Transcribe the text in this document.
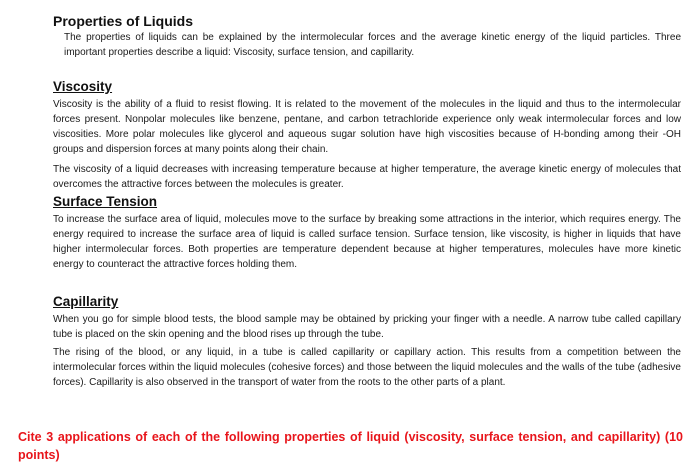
Properties of Liquids

The properties of liquids can be explained by the intermolecular forces and the average kinetic energy of the liquid particles. Three important properties describe a liquid: Viscosity, surface tension, and capillarity.

Viscosity

Viscosity is the ability of a fluid to resist flowing. It is related to the movement of the molecules in the liquid and thus to the intermolecular forces present. Nonpolar molecules like benzene, pentane, and carbon tetrachloride experience only weak intermolecular forces and low viscosities. More polar molecules like glycerol and aqueous sugar solution have high viscosities because of H-bonding among their -OH groups and dispersion forces at many points along their chain.

The viscosity of a liquid decreases with increasing temperature because at higher temperature, the average kinetic energy of molecules that overcomes the attractive forces between the molecules is greater.

Surface Tension

To increase the surface area of liquid, molecules move to the surface by breaking some attractions in the interior, which requires energy. The energy required to increase the surface area of liquid is called surface tension. Surface tension, like viscosity, is higher in liquids that have higher intermolecular forces. Both properties are temperature dependent because at higher temperatures, molecules have more kinetic energy to counteract the attractive forces holding them.

Capillarity

When you go for simple blood tests, the blood sample may be obtained by pricking your finger with a needle. A narrow tube called capillary tube is placed on the skin opening and the blood rises up through the tube.

The rising of the blood, or any liquid, in a tube is called capillarity or capillary action. This results from a competition between the intermolecular forces within the liquid molecules (cohesive forces) and those between the liquid molecules and the walls of the tube (adhesive forces). Capillarity is also observed in the transport of water from the roots to the other parts of a plant.

Cite 3 applications of each of the following properties of liquid (viscosity, surface tension, and capillarity) (10 points)
